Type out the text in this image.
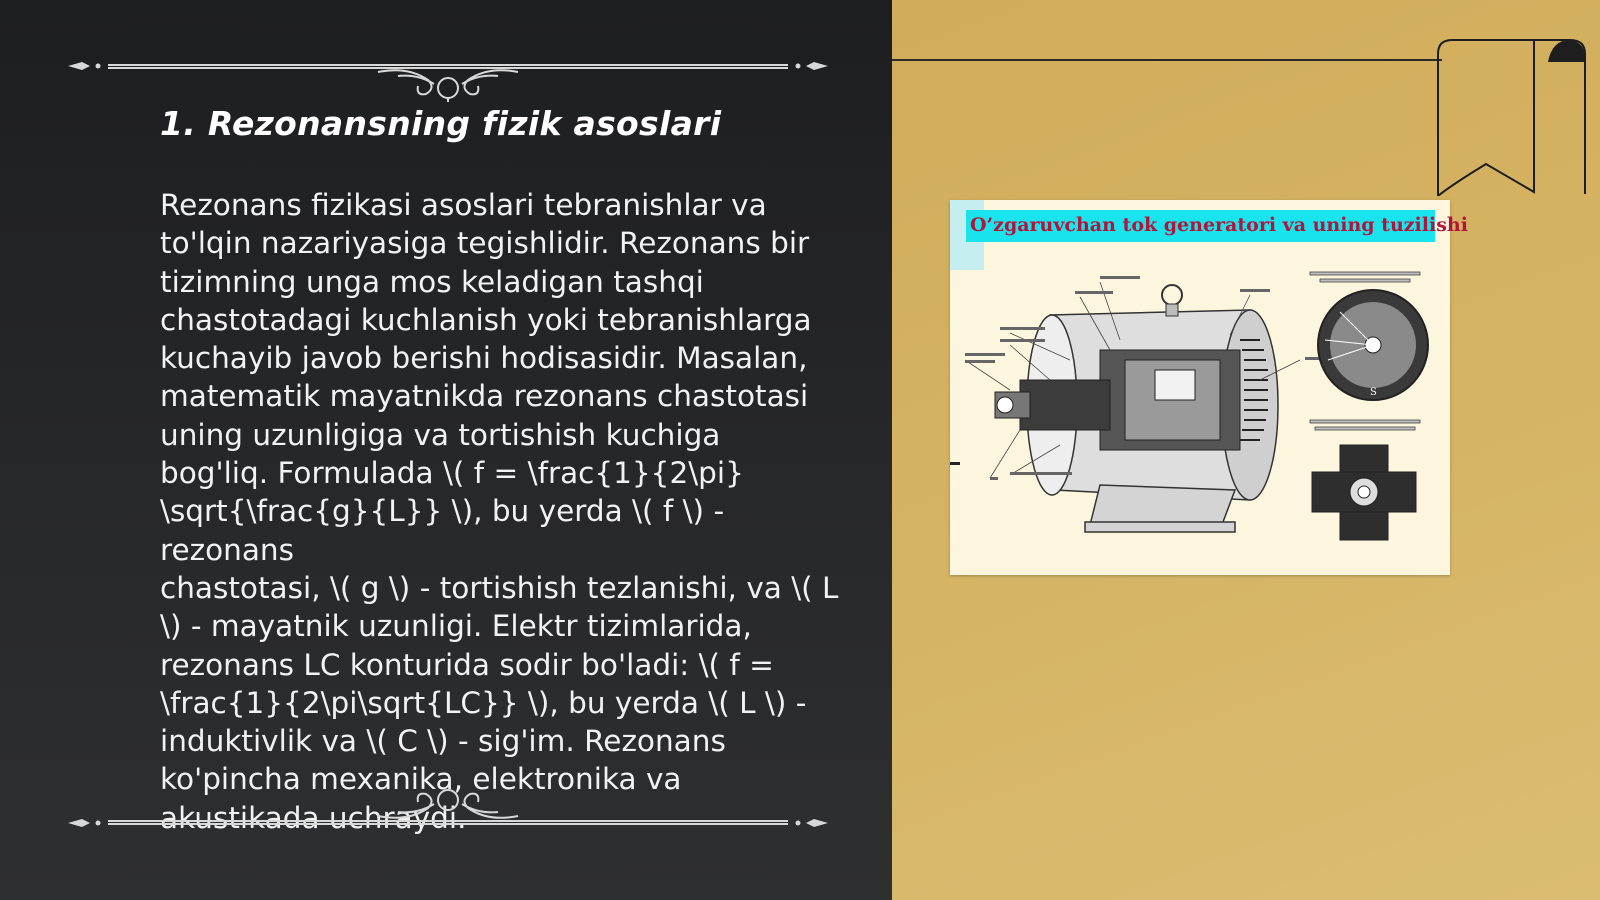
1. Rezonansning fizik asoslari

Rezonans fizikasi asoslari tebranishlar va
to'lqin nazariyasiga tegishlidir. Rezonans bir
tizimning unga mos keladigan tashqi
chastotadagi kuchlanish yoki tebranishlarga
kuchayib javob berishi hodisasidir. Masalan,
matematik mayatnikda rezonans chastotasi
uning uzunligiga va tortishish kuchiga
bog'liq. Formulada \( f = \frac{1}{2\pi}
\sqrt{\frac{g}{L}} \), bu yerda \( f \) - rezonans
chastotasi, \( g \) - tortishish tezlanishi, va \( L
\) - mayatnik uzunligi. Elektr tizimlarida,
rezonans LC konturida sodir bo'ladi: \( f =
\frac{1}{2\pi\sqrt{LC}} \), bu yerda \( L \) -
induktivlik va \( C \) - sig'im. Rezonans
ko'pincha mexanika, elektronika va
akustikada uchraydi.

O’zgaruvchan tok generatori va uning tuzilishi

S
